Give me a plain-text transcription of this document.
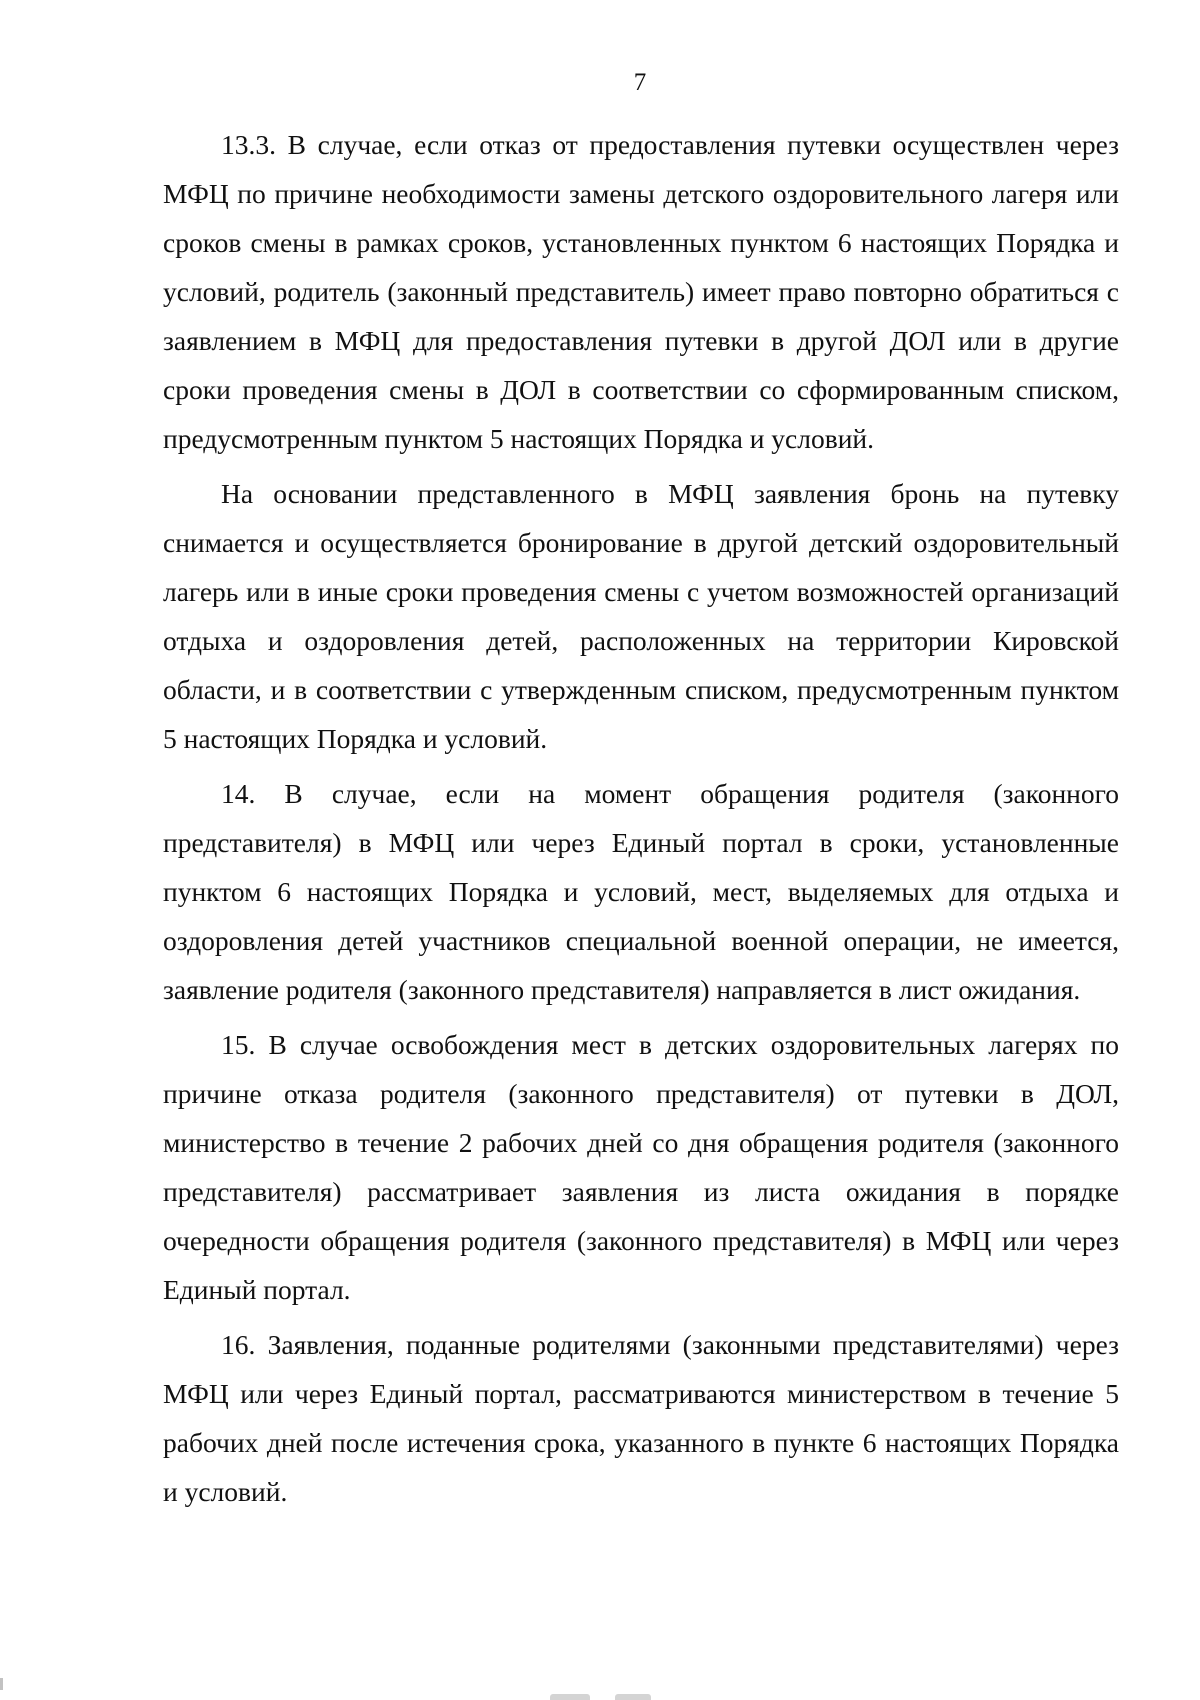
7

13.3. В случае, если отказ от предоставления путевки осуществлен через МФЦ по причине необходимости замены детского оздоровительного лагеря или сроков смены в рамках сроков, установленных пунктом 6 настоящих Порядка и условий, родитель (законный представитель) имеет право повторно обратиться с заявлением в МФЦ для предоставления путевки в другой ДОЛ или в другие сроки проведения смены в ДОЛ в соответствии со сформированным списком, предусмотренным пунктом 5 настоящих Порядка и условий.

На основании представленного в МФЦ заявления бронь на путевку снимается и осуществляется бронирование в другой детский оздоровительный лагерь или в иные сроки проведения смены с учетом возможностей организаций отдыха и оздоровления детей, расположенных на территории Кировской области, и в соответствии с утвержденным списком, предусмотренным пунктом 5 настоящих Порядка и условий.

14. В случае, если на момент обращения родителя (законного представителя) в МФЦ или через Единый портал в сроки, установленные пунктом 6 настоящих Порядка и условий, мест, выделяемых для отдыха и оздоровления детей участников специальной военной операции, не имеется, заявление родителя (законного представителя) направляется в лист ожидания.

15. В случае освобождения мест в детских оздоровительных лагерях по причине отказа родителя (законного представителя) от путевки в ДОЛ, министерство в течение 2 рабочих дней со дня обращения родителя (законного представителя) рассматривает заявления из листа ожидания в порядке очередности обращения родителя (законного представителя) в МФЦ или через Единый портал.

16. Заявления, поданные родителями (законными представителями) через МФЦ или через Единый портал, рассматриваются министерством в течение 5 рабочих дней после истечения срока, указанного в пункте 6 настоящих Порядка и условий.
